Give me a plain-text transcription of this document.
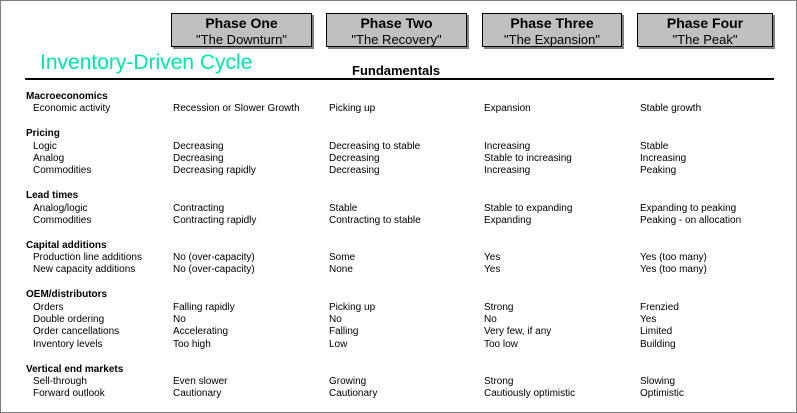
Phase One
"The Downturn"
Phase Two
"The Recovery"
Phase Three
"The Expansion"
Phase Four
"The Peak"
Inventory-Driven Cycle	Fundamentals
Macroeconomics
Economic activity	Recession or Slower Growth	Picking up	Expansion	Stable growth
Pricing
Logic	Decreasing	Decreasing to stable	Increasing	Stable
Analog	Decreasing	Decreasing	Stable to increasing	Increasing
Commodities	Decreasing rapidly	Decreasing	Increasing	Peaking
Lead times
Analog/logic	Contracting	Stable	Stable to expanding	Expanding to peaking
Commodities	Contracting rapidly	Contracting to stable	Expanding	Peaking - on allocation
Capital additions
Production line additions	No (over-capacity)	Some	Yes	Yes (too many)
New capacity additions	No (over-capacity)	None	Yes	Yes (too many)
OEM/distributors
Orders	Falling rapidly	Picking up	Strong	Frenzied
Double ordering	No	No	No	Yes
Order cancellations	Accelerating	Falling	Very few, if any	Limited
Inventory levels	Too high	Low	Too low	Building
Vertical end markets
Sell-through	Even slower	Growing	Strong	Slowing
Forward outlook	Cautionary	Cautionary	Cautiously optimistic	Optimistic
